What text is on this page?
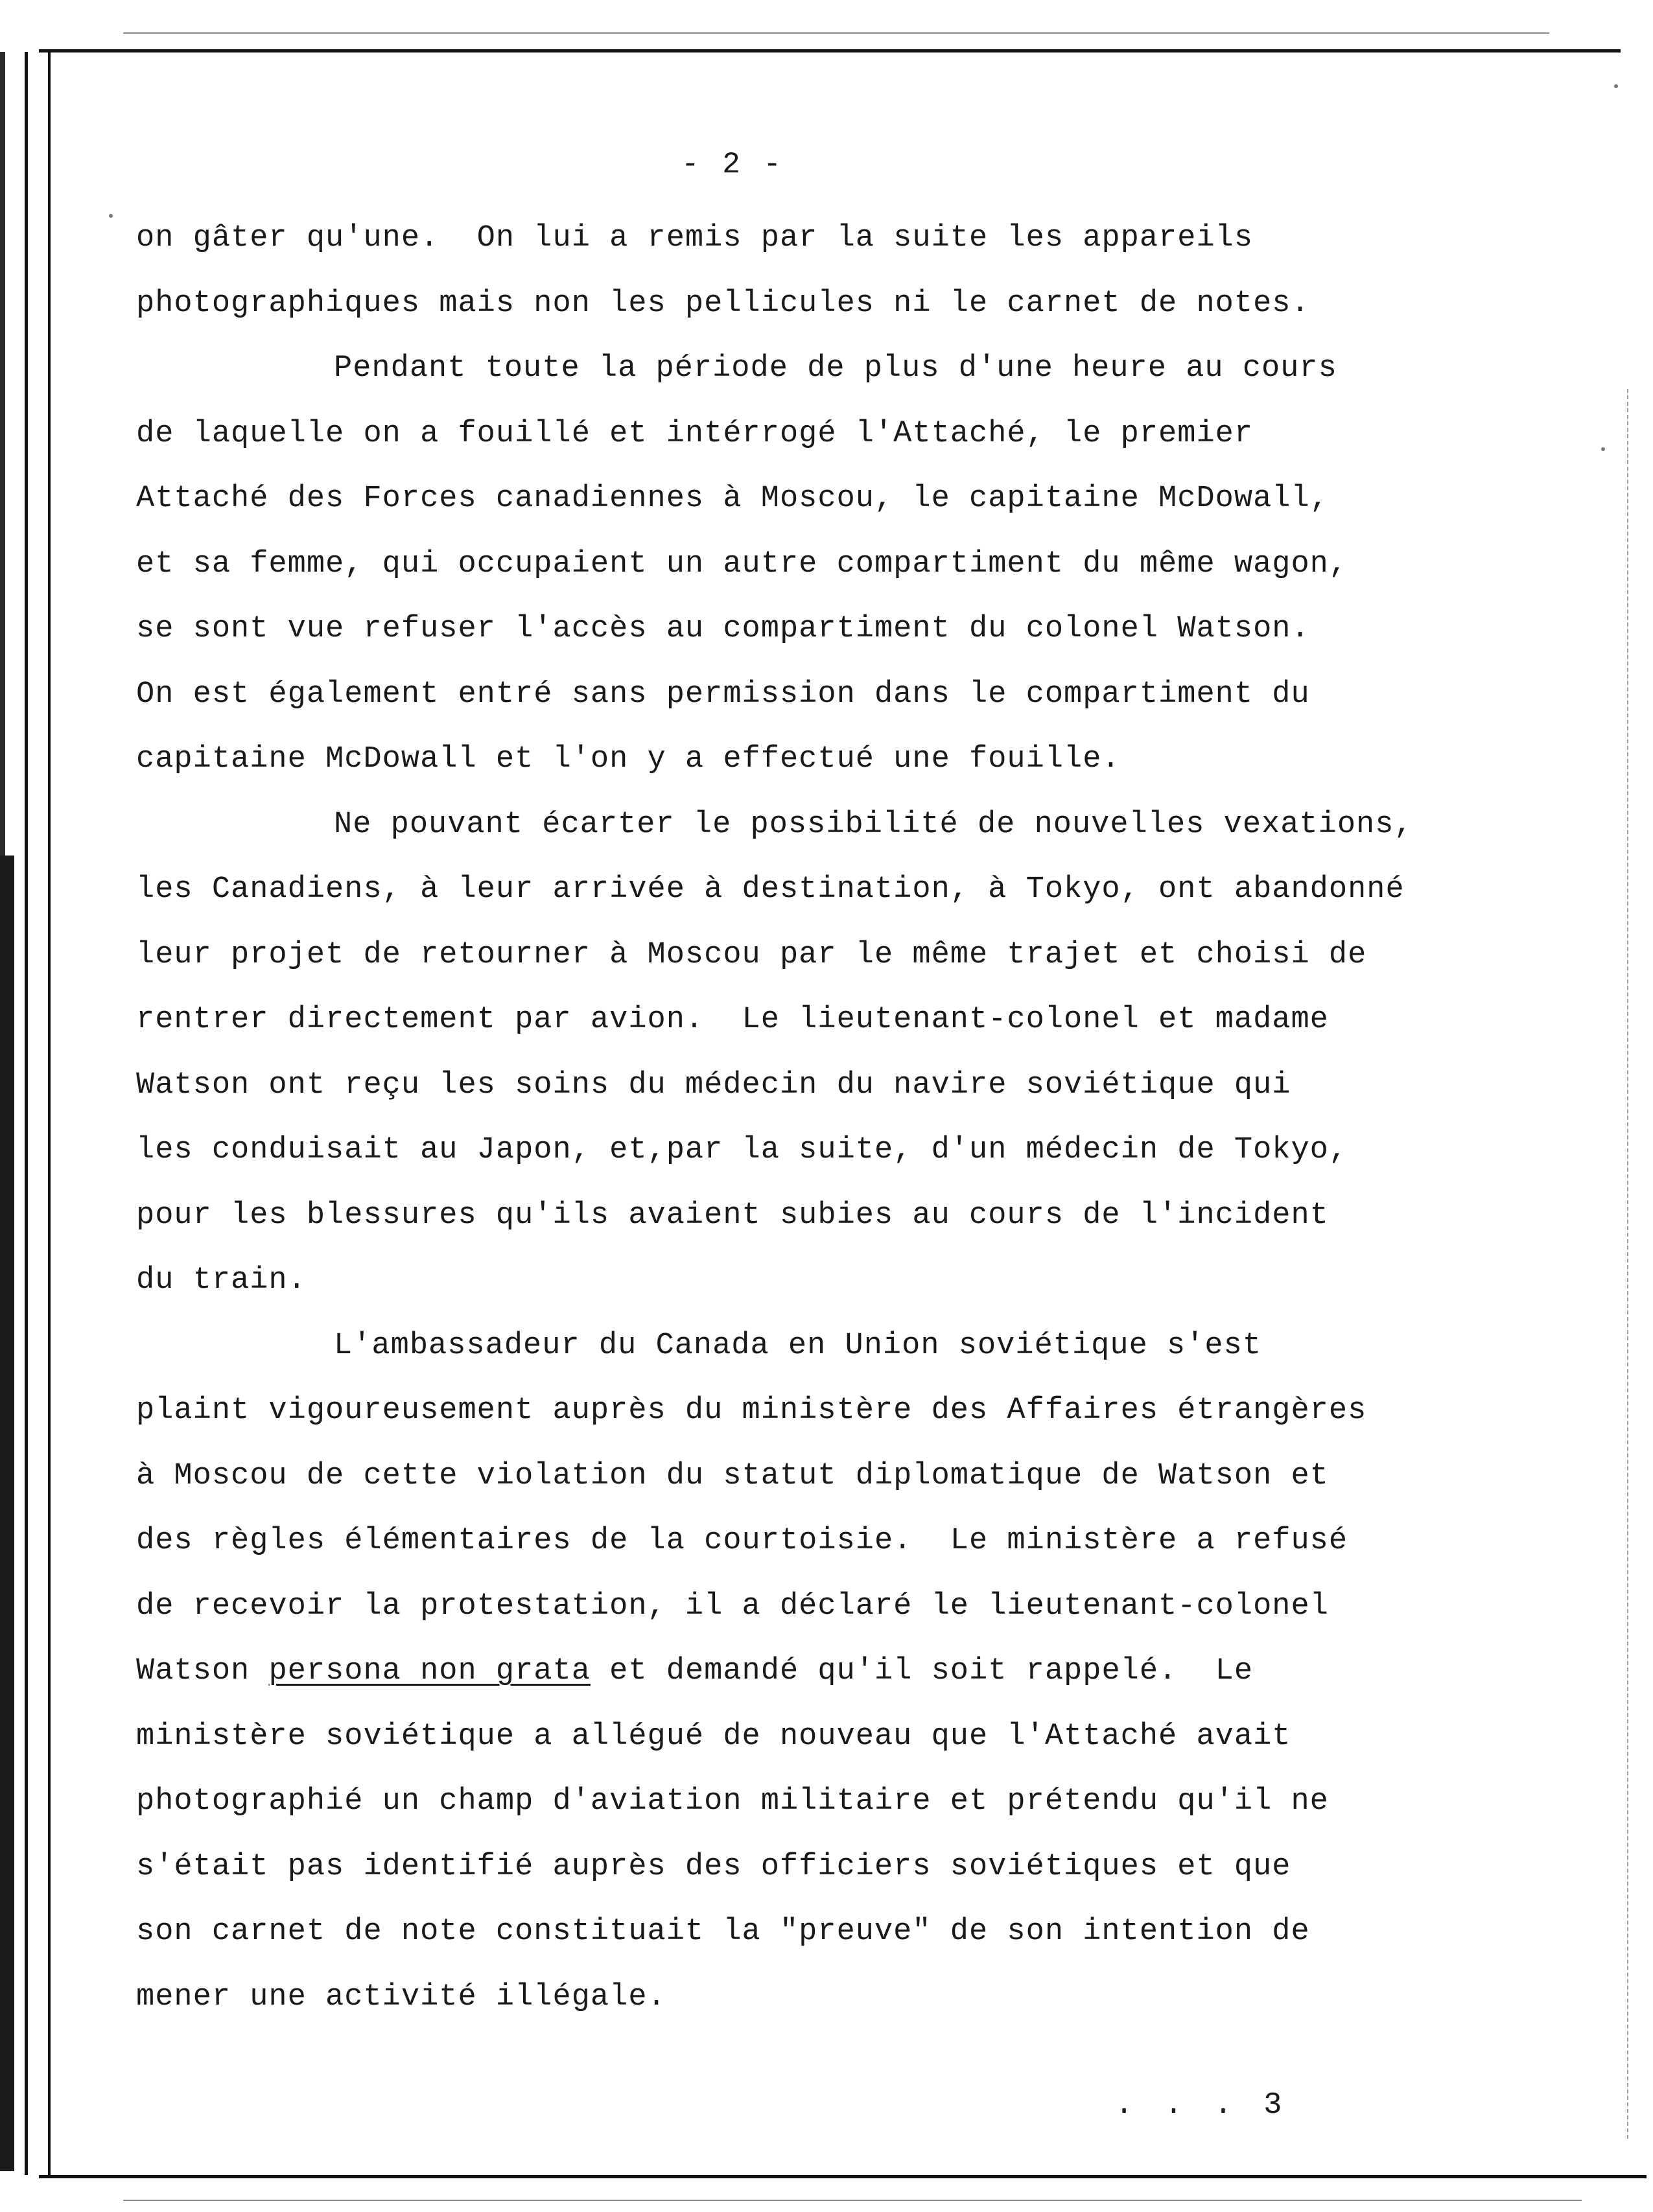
- 2 -
on gâter qu'une.  On lui a remis par la suite les appareils
photographiques mais non les pellicules ni le carnet de notes.
Pendant toute la période de plus d'une heure au cours
de laquelle on a fouillé et intérrogé l'Attaché, le premier
Attaché des Forces canadiennes à Moscou, le capitaine McDowall,
et sa femme, qui occupaient un autre compartiment du même wagon,
se sont vue refuser l'accès au compartiment du colonel Watson.
On est également entré sans permission dans le compartiment du
capitaine McDowall et l'on y a effectué une fouille.
Ne pouvant écarter le possibilité de nouvelles vexations,
les Canadiens, à leur arrivée à destination, à Tokyo, ont abandonné
leur projet de retourner à Moscou par le même trajet et choisi de
rentrer directement par avion.  Le lieutenant-colonel et madame
Watson ont reçu les soins du médecin du navire soviétique qui
les conduisait au Japon, et,par la suite, d'un médecin de Tokyo,
pour les blessures qu'ils avaient subies au cours de l'incident
du train.
L'ambassadeur du Canada en Union soviétique s'est
plaint vigoureusement auprès du ministère des Affaires étrangères
à Moscou de cette violation du statut diplomatique de Watson et
des règles élémentaires de la courtoisie.  Le ministère a refusé
de recevoir la protestation, il a déclaré le lieutenant-colonel
Watson persona non grata et demandé qu'il soit rappelé.  Le
ministère soviétique a allégué de nouveau que l'Attaché avait
photographié un champ d'aviation militaire et prétendu qu'il ne
s'était pas identifié auprès des officiers soviétiques et que
son carnet de note constituait la "preuve" de son intention de
mener une activité illégale.
. . . 3
